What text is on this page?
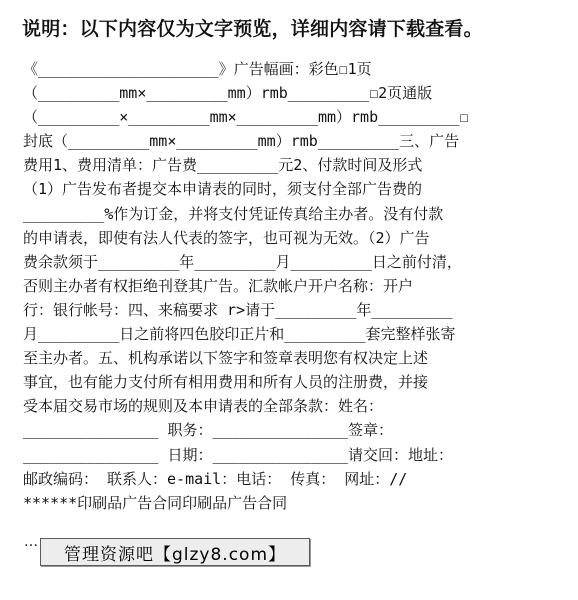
说明：以下内容仅为文字预览，详细内容请下载查看。
《____________________》广告幅画：彩色☐1页
（_________mm×_________mm）rmb_________☐2页通版
（_________×_________mm×_________mm）rmb_________☐
封底（_________mm×_________mm）rmb_________三、广告
费用1、费用清单：广告费_________元2、付款时间及形式
（1）广告发布者提交本申请表的同时，须支付全部广告费的
_________%作为订金，并将支付凭证传真给主办者。没有付款
的申请表，即使有法人代表的签字，也可视为无效。（2）广告
费余款须于_________年_________月_________日之前付清，
否则主办者有权拒绝刊登其广告。汇款帐户开户名称：开户
行：银行帐号：四、来稿要求 r>请于_________年_________
月_________日之前将四色胶印正片和_________套完整样张寄
至主办者。五、机构承诺以下签字和签章表明您有权决定上述
事宜，也有能力支付所有相用费用和所有人员的注册费，并接
受本届交易市场的规则及本申请表的全部条款：姓名：
_______________ 职务：_______________签章：
_______________ 日期：_______________请交回：地址：
邮政编码： 联系人：e-mail：电话： 传真： 网址：//
******印刷品广告合同印刷品广告合同
…
管理资源吧【glzy8.com】
